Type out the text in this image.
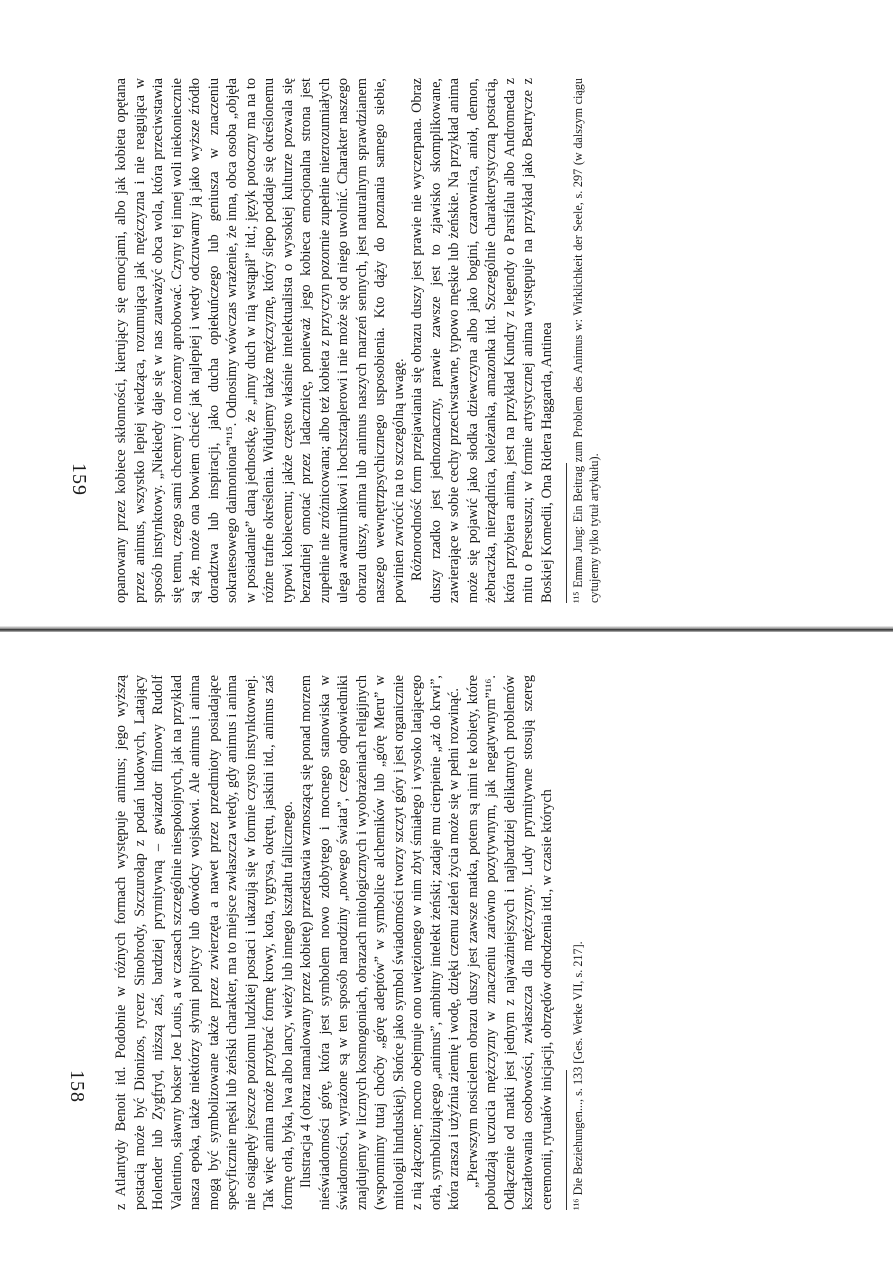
opanowany przez kobiece skłonności, kierujący się emocjami, albo jak kobieta opętana przez animus, wszystko lepiej wiedząca, rozumująca jak mężczyzna i nie reagująca w sposób instynktowy. „Niekiedy daje się w nas zauważyć obca wola, która przeciwstawia się temu, czego sami chcemy i co możemy aprobować. Czyny tej innej woli niekoniecznie są złe, może ona bowiem chcieć jak najlepiej i wtedy odczuwamy ją jako wyższe źródło doradztwa lub inspiracji, jako ducha opiekuńczego lub geniusza w znaczeniu sokratesowego daimoniona”¹¹⁵. Odnosimy wówczas wrażenie, że inna, obca osoba „objęła w posiadanie” daną jednostkę, że „inny duch w nią wstąpił” itd.; język potoczny ma na to różne trafne określenia. Widujemy także mężczyznę, który ślepo poddaje się określonemu typowi kobiecemu; jakże często właśnie intelektualista o wysokiej kulturze pozwala się bezradniej omotać przez ladacznicę, ponieważ jego kobieca emocjonalna strona jest zupełnie nie zróżnicowana; albo też kobieta z przyczyn pozornie zupełnie niezrozumiałych ulega awanturnikowi i hochsztaplerowi i nie może się od niego uwolnić. Charakter naszego obrazu duszy, anima lub animus naszych marzeń sennych, jest naturalnym sprawdzianem naszego wewnętrzpsychicznego usposobienia. Kto dąży do poznania samego siebie, powinien zwrócić na to szczególną uwagę. Różnorodność form przejawiania się obrazu duszy jest prawie nie wyczerpana. Obraz duszy rzadko jest jednoznaczny, prawie zawsze jest to zjawisko skomplikowane, zawierające w sobie cechy przeciwstawne, typowo męskie lub żeńskie. Na przykład anima może się pojawić jako słodka dziewczyna albo jako bogini, czarownica, anioł, demon, żebraczka, nierządnica, koleżanka, amazonka itd. Szczególnie charakterystyczną postacią, która przybiera anima, jest na przykład Kundry z legendy o Parsifalu albo Andromeda z mitu o Perseuszu; w formie artystycznej anima występuje na przykład jako Beatrycze z Boskiej Komedii, Ona Ridera Haggarda, Antinea ¹¹⁵ Emma Jung: Ein Beitrag zum Problem des Animus w: Wirklichkeit der Seele, s. 297 (w dalszym ciągu cytujemy tylko tytuł artykułu).

z Atlantydy Benoit itd. Podobnie w różnych formach występuje animus; jego wyższą postacią może być Dionizos, rycerz Sinobrody, Szczurołap z podań ludowych, Latający Holender lub Zygfryd, niższą zaś, bardziej prymitywną – gwiazdor filmowy Rudolf Valentino, sławny bokser Joe Louis, a w czasach szczególnie niespokojnych, jak na przykład nasza epoka, także niektórzy słynni politycy lub dowódcy wojskowi. Ale animus i anima mogą być symbolizowane także przez zwierzęta a nawet przez przedmioty posiadające specyficznie męski lub żeński charakter, ma to miejsce zwłaszcza wtedy, gdy animus i anima nie osiągnęły jeszcze poziomu ludzkiej postaci i ukazują się w formie czysto instynktownej. Tak więc anima może przybrać formę krowy, kota, tygrysa, okrętu, jaskini itd., animus zaś formę orła, byka, lwa albo lancy, wieży lub innego kształtu fallicznego. Ilustracja 4 (obraz namalowany przez kobietę) przedstawia wznoszącą się ponad morzem nieświadomości górę, która jest symbolem nowo zdobytego i mocnego stanowiska w świadomości, wyrażone są w ten sposób narodziny „nowego świata”, czego odpowiedniki znajdujemy w licznych kosmogoniach, obrazach mitologicznych i wyobrażeniach religijnych (wspomnimy tutaj choćby „górę adeptów” w symbolice alchemików lub „górę Meru” w mitologii hinduskiej). Słońce jako symbol świadomości tworzy szczyt góry i jest organicznie z nią złączone; mocno obejmuje ono uwięzionego w nim zbyt śmiałego i wysoko latającego orła, symbolizującego „animus”, ambitny intelekt żeński; zadaje mu cierpienie „aż do krwi”, która zrasza i użyźnia ziemię i wodę, dzięki czemu zieleń życia może się w pełni rozwinąć. „Pierwszym nosicielem obrazu duszy jest zawsze matka, potem są nimi te kobiety, które pobudzają uczucia mężczyzny w znaczeniu zarówno pozytywnym, jak negatywnym”¹¹⁶. Odłączenie od matki jest jednym z najważniejszych i najbardziej delikatnych problemów kształtowania osobowości, zwłaszcza dla mężczyzny. Ludy prymitywne stosują szereg ceremonii, rytuałów inicjacji, obrzędów odrodzenia itd., w czasie których ¹¹⁶ Die Beziehungen..., s. 133 [Ges. Werke VII, s. 217].

158
159
